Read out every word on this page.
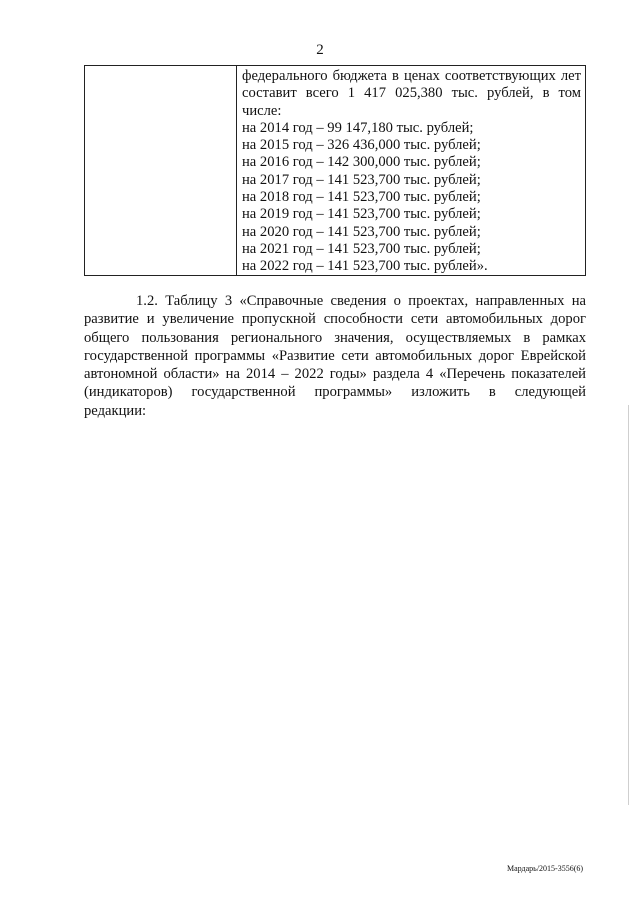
2
федерального бюджета в ценах соответствующих лет
составит всего 1 417 025,380 тыс. рублей, в том
числе:
на 2014 год – 99 147,180 тыс. рублей;
на 2015 год – 326 436,000 тыс. рублей;
на 2016 год – 142 300,000 тыс. рублей;
на 2017 год – 141 523,700 тыс. рублей;
на 2018 год – 141 523,700 тыс. рублей;
на 2019 год – 141 523,700 тыс. рублей;
на 2020 год – 141 523,700 тыс. рублей;
на 2021 год – 141 523,700 тыс. рублей;
на 2022 год – 141 523,700 тыс. рублей».
1.2. Таблицу 3 «Справочные сведения о проектах, направленных на
развитие и увеличение пропускной способности сети автомобильных дорог
общего пользования регионального значения, осуществляемых в рамках
государственной программы «Развитие сети автомобильных дорог Еврейской
автономной области» на 2014 – 2022 годы» раздела 4 «Перечень показателей
(индикаторов) государственной программы» изложить в следующей
редакции:
Мардарь/2015-3556(6)
